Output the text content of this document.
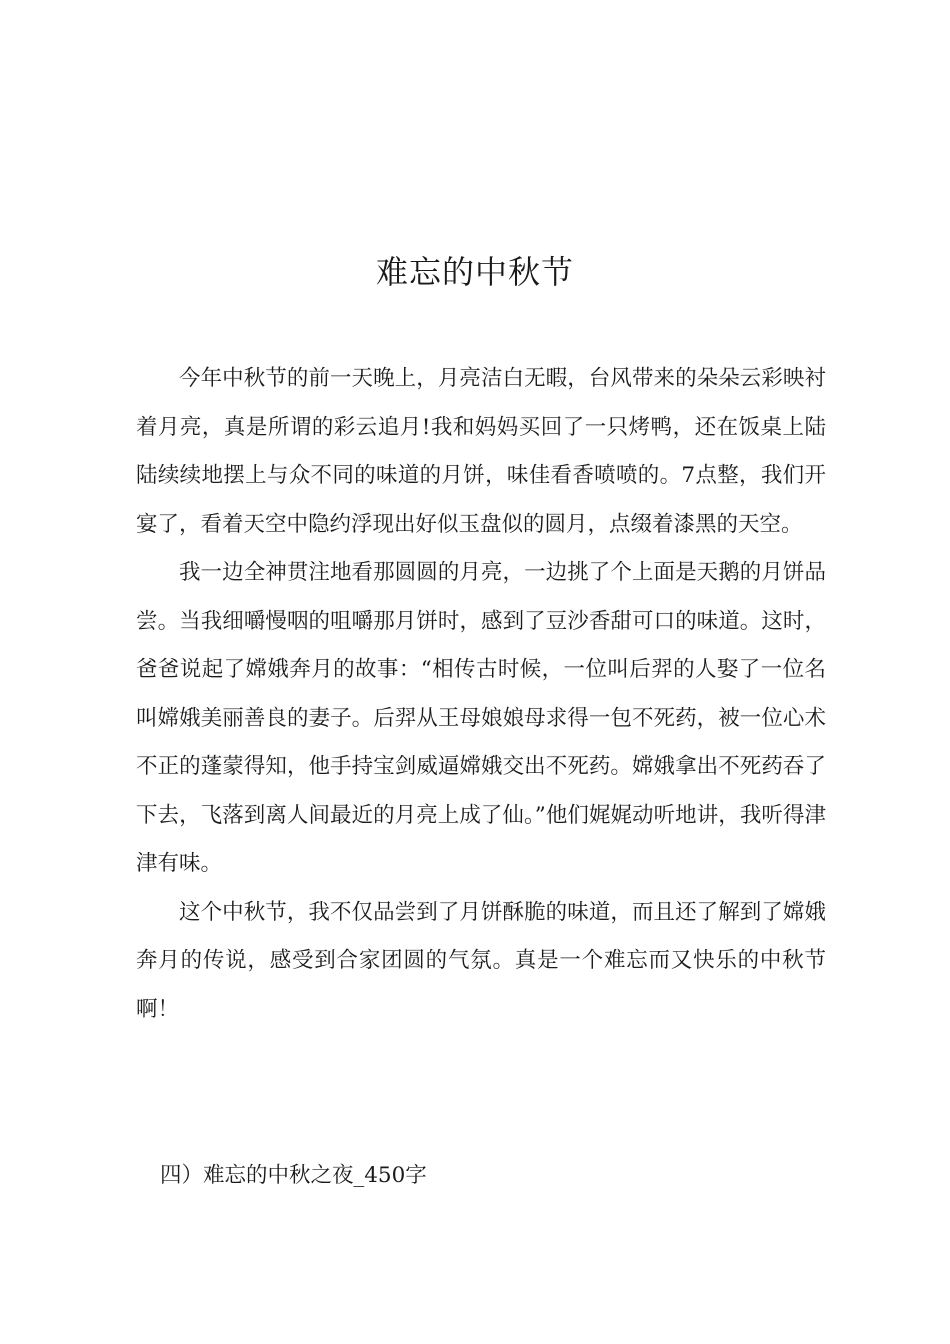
难忘的中秋节

今年中秋节的前一天晚上，月亮洁白无暇，台风带来的朵朵云彩映衬着月亮，真是所谓的彩云追月!我和妈妈买回了一只烤鸭，还在饭桌上陆陆续续地摆上与众不同的味道的月饼，味佳看香喷喷的。7点整，我们开宴了，看着天空中隐约浮现出好似玉盘似的圆月，点缀着漆黑的天空。

我一边全神贯注地看那圆圆的月亮，一边挑了个上面是天鹅的月饼品尝。当我细嚼慢咽的咀嚼那月饼时，感到了豆沙香甜可口的味道。这时，爸爸说起了嫦娥奔月的故事：“相传古时候，一位叫后羿的人娶了一位名叫嫦娥美丽善良的妻子。后羿从王母娘娘母求得一包不死药，被一位心术不正的蓬蒙得知，他手持宝剑威逼嫦娥交出不死药。嫦娥拿出不死药吞了下去，飞落到离人间最近的月亮上成了仙。”他们娓娓动听地讲，我听得津津有味。

这个中秋节，我不仅品尝到了月饼酥脆的味道，而且还了解到了嫦娥奔月的传说，感受到合家团圆的气氛。真是一个难忘而又快乐的中秋节啊！

四）难忘的中秋之夜_450字
